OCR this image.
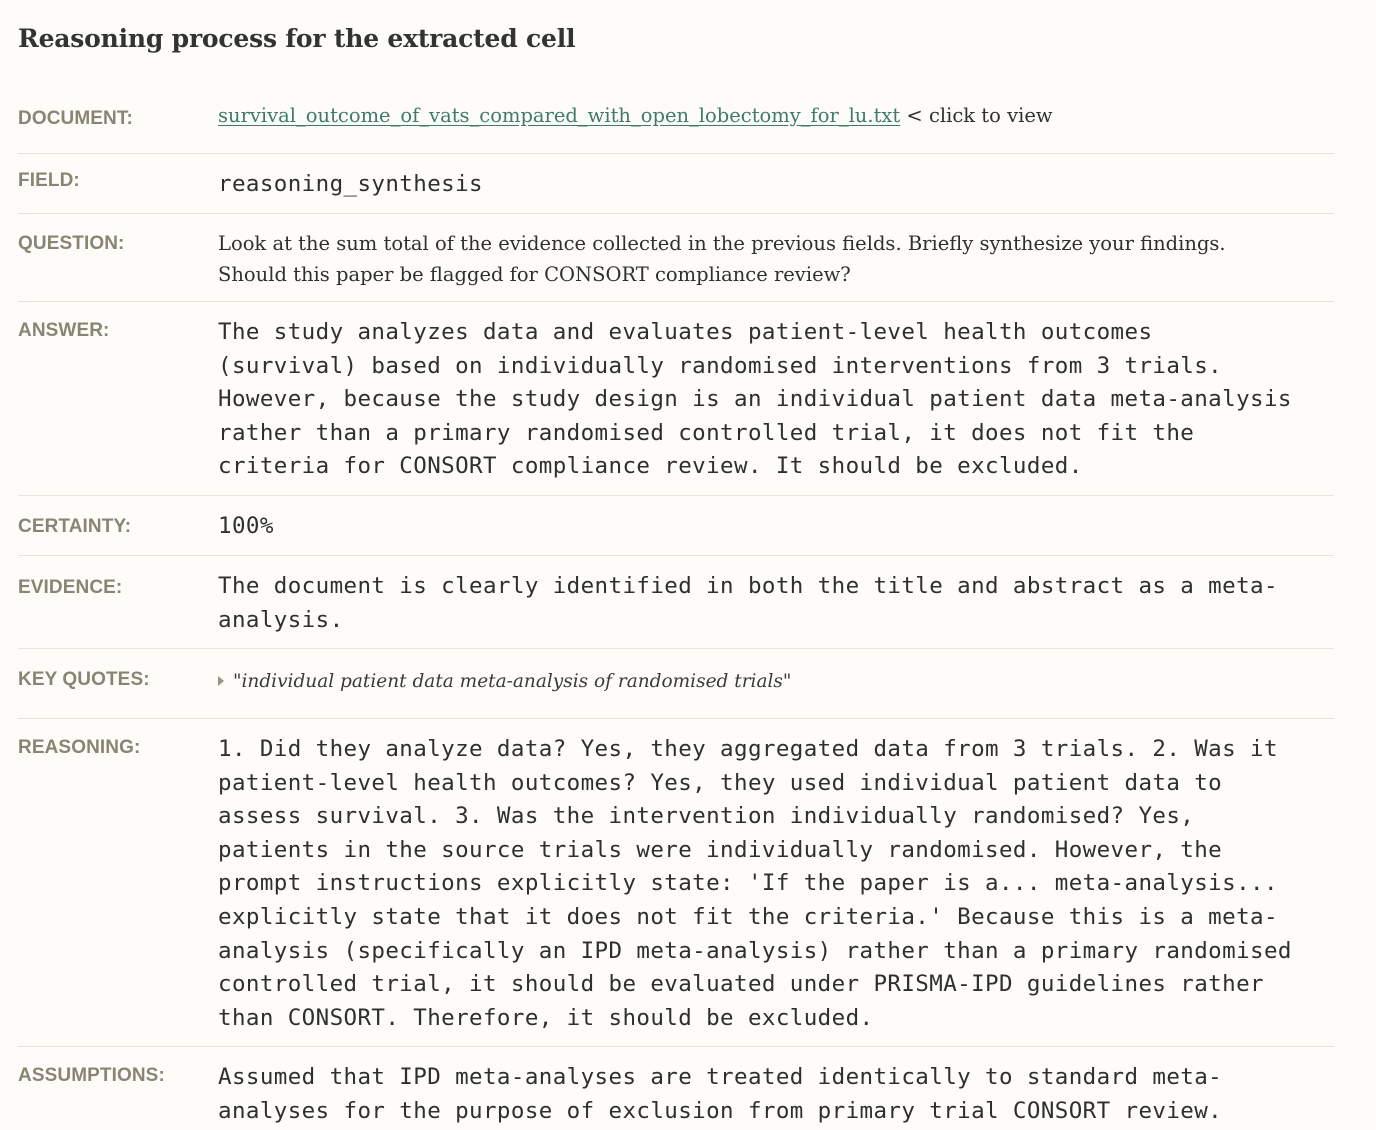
Reasoning process for the extracted cell
DOCUMENT:	survival_outcome_of_vats_compared_with_open_lobectomy_for_lu.txt < click to view
FIELD:	reasoning_synthesis
QUESTION:	Look at the sum total of the evidence collected in the previous fields. Briefly synthesize your findings.
Should this paper be flagged for CONSORT compliance review?
ANSWER:	The study analyzes data and evaluates patient-level health outcomes
(survival) based on individually randomised interventions from 3 trials.
However, because the study design is an individual patient data meta-analysis
rather than a primary randomised controlled trial, it does not fit the
criteria for CONSORT compliance review. It should be excluded.
CERTAINTY:	100%
EVIDENCE:	The document is clearly identified in both the title and abstract as a meta-
analysis.
KEY QUOTES:	"individual patient data meta-analysis of randomised trials"
REASONING:	1. Did they analyze data? Yes, they aggregated data from 3 trials. 2. Was it
patient-level health outcomes? Yes, they used individual patient data to
assess survival. 3. Was the intervention individually randomised? Yes,
patients in the source trials were individually randomised. However, the
prompt instructions explicitly state: 'If the paper is a... meta-analysis...
explicitly state that it does not fit the criteria.' Because this is a meta-
analysis (specifically an IPD meta-analysis) rather than a primary randomised
controlled trial, it should be evaluated under PRISMA-IPD guidelines rather
than CONSORT. Therefore, it should be excluded.
ASSUMPTIONS:	Assumed that IPD meta-analyses are treated identically to standard meta-
analyses for the purpose of exclusion from primary trial CONSORT review.
